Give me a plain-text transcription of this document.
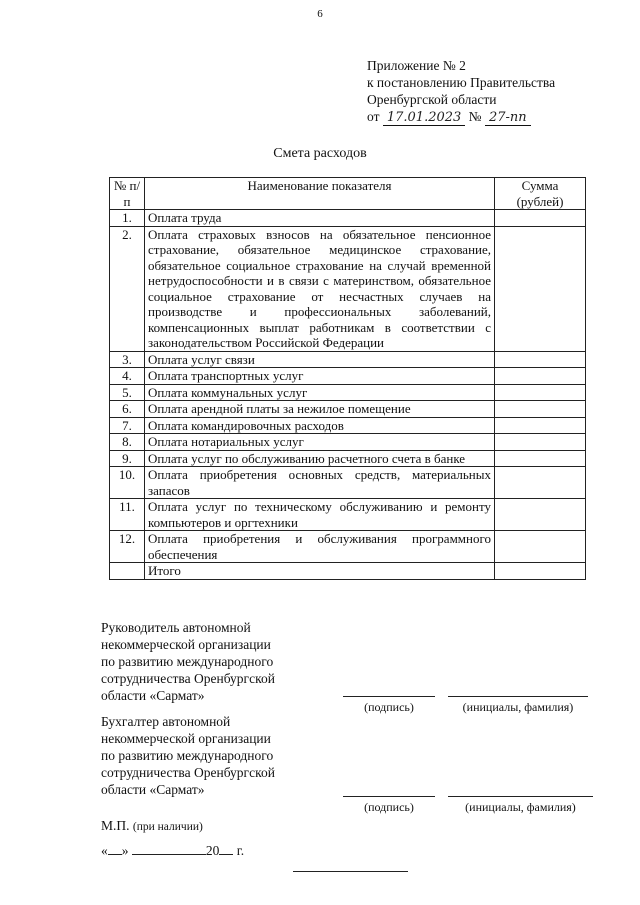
6
Приложение № 2
к постановлению Правительства
Оренбургской области
от 17.01.2023 № 27-пп
Смета расходов
№ п/п	Наименование показателя	Сумма (рублей)
1.	Оплата труда	
2.	Оплата страховых взносов на обязательное пенсионное страхование, обязательное медицинское страхование, обязательное социальное страхование на случай временной нетрудоспособности и в связи с материнством, обязательное социальное страхование от несчастных случаев на производстве и профессиональных заболеваний, компенсационных выплат работникам в соответствии с законодательством Российской Федерации	
3.	Оплата услуг связи	
4.	Оплата транспортных услуг	
5.	Оплата коммунальных услуг	
6.	Оплата арендной платы за нежилое помещение	
7.	Оплата командировочных расходов	
8.	Оплата нотариальных услуг	
9.	Оплата услуг по обслуживанию расчетного счета в банке	
10.	Оплата приобретения основных средств, материальных запасов	
11.	Оплата услуг по техническому обслуживанию и ремонту компьютеров и оргтехники	
12.	Оплата приобретения и обслуживания программного обеспечения	
	Итого	
Руководитель автономной
некоммерческой организации
по развитию международного
сотрудничества Оренбургской
области «Сармат»
(подпись)	(инициалы, фамилия)
Бухгалтер автономной
некоммерческой организации
по развитию международного
сотрудничества Оренбургской
области «Сармат»
(подпись)	(инициалы, фамилия)
М.П. (при наличии)
« »	20 г.
